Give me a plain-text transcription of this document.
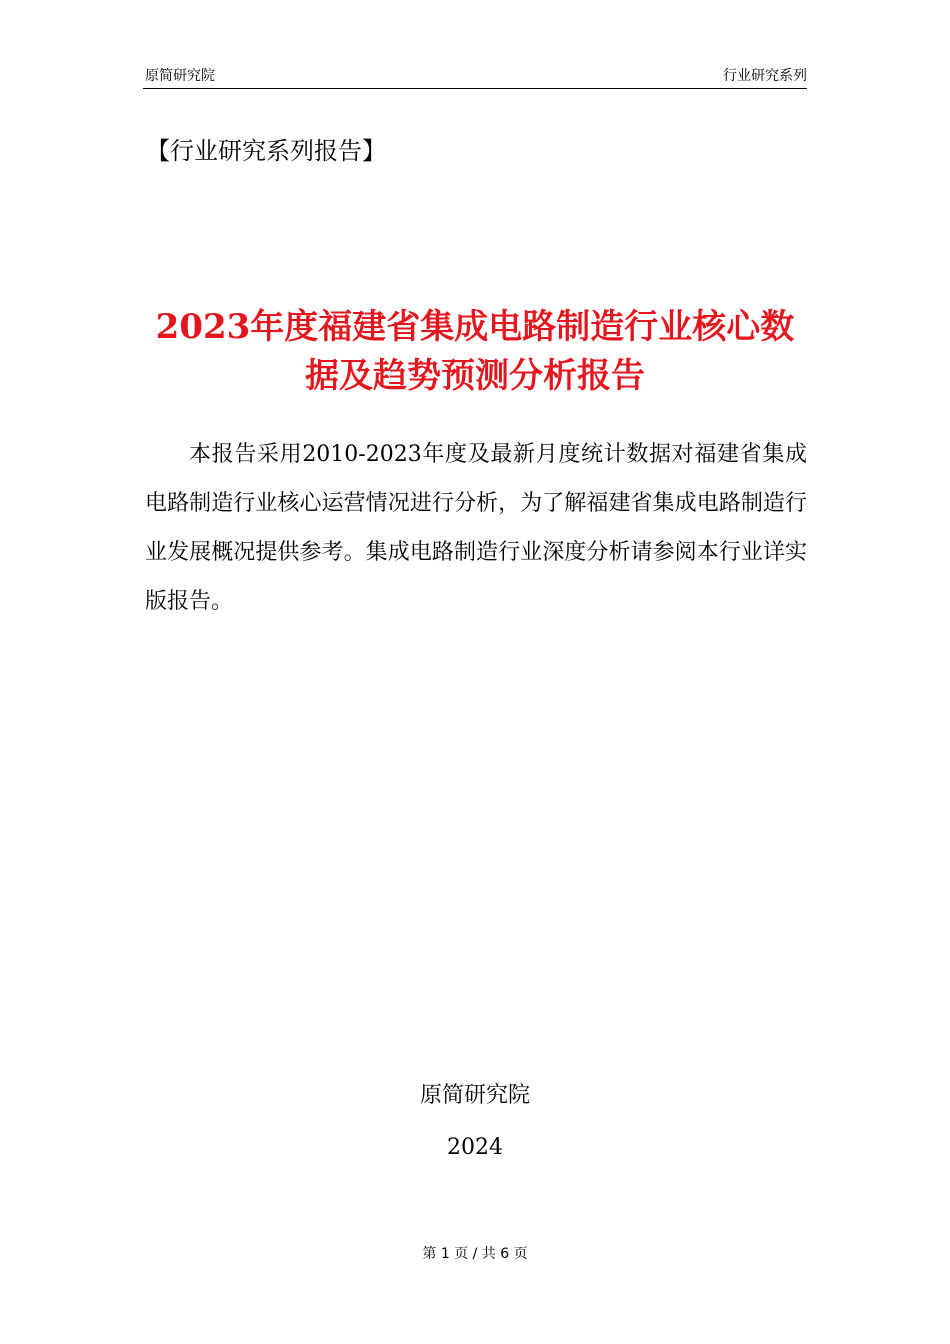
原简研究院	行业研究系列
【行业研究系列报告】
2023年度福建省集成电路制造行业核心数据及趋势预测分析报告
本报告采用2010-2023年度及最新月度统计数据对福建省集成电路制造行业核心运营情况进行分析，为了解福建省集成电路制造行业发展概况提供参考。集成电路制造行业深度分析请参阅本行业详实版报告。
原简研究院
2024
第 1 页 / 共 6 页
